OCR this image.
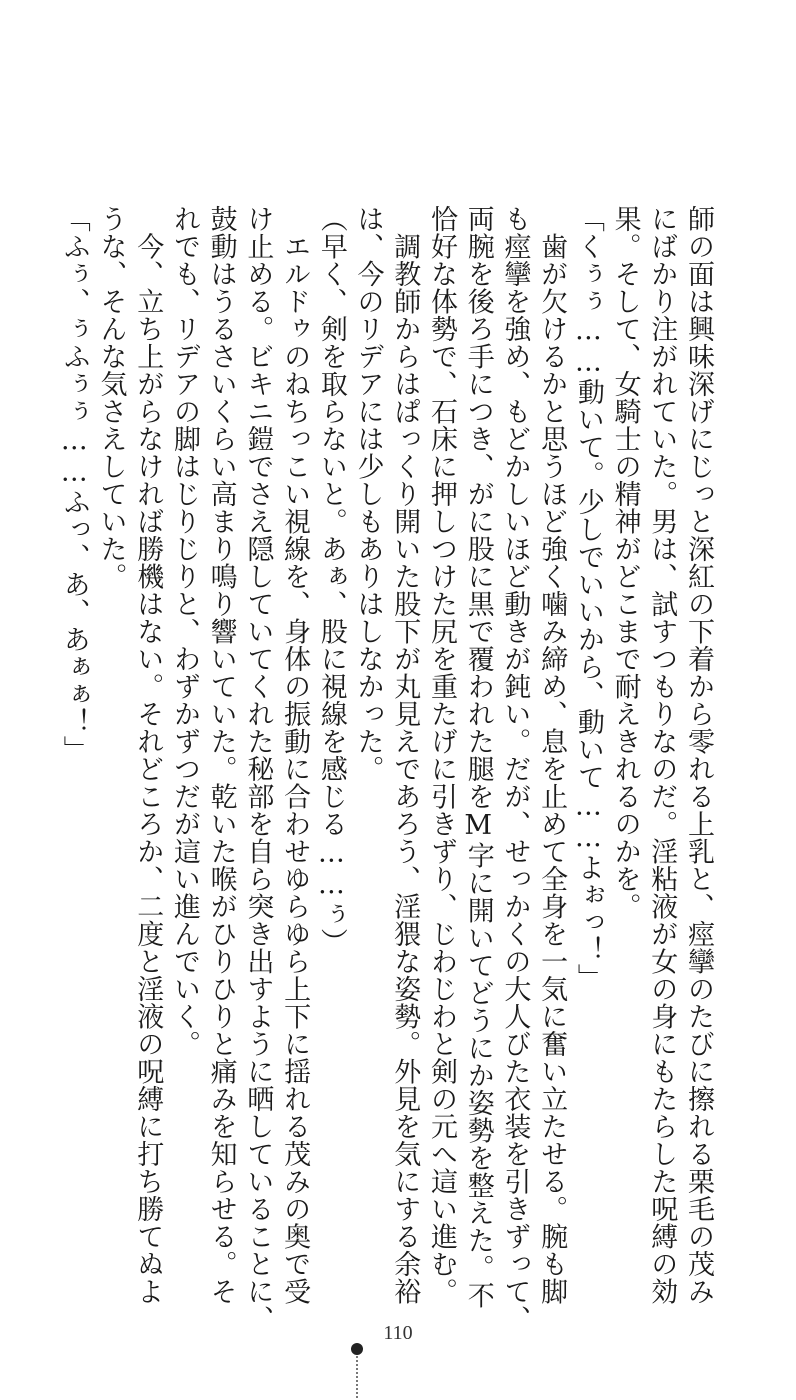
師の面は興味深げにじっと深紅の下着から零れる上乳と、痙攣のたびに擦れる栗毛の茂み
にばかり注がれていた。男は、試すつもりなのだ。淫粘液が女の身にもたらした呪縛の効
果。そして、女騎士の精神がどこまで耐えきれるのかを。
「くぅぅ……動いて。少しでいいから、動いて……よぉっ！」
　歯が欠けるかと思うほど強く噛み締め、息を止めて全身を一気に奮い立たせる。腕も脚
も痙攣を強め、もどかしいほど動きが鈍い。だが、せっかくの大人びた衣装を引きずって、
両腕を後ろ手につき、がに股に黒で覆われた腿をM字に開いてどうにか姿勢を整えた。不
恰好な体勢で、石床に押しつけた尻を重たげに引きずり、じわじわと剣の元へ這い進む。
　調教師からはぱっくり開いた股下が丸見えであろう、淫猥な姿勢。外見を気にする余裕
は、今のリデアには少しもありはしなかった。
（早く、剣を取らないと。あぁ、股に視線を感じる……ぅ）
　エルドゥのねちっこい視線を、身体の振動に合わせゆらゆら上下に揺れる茂みの奥で受
け止める。ビキニ鎧でさえ隠していてくれた秘部を自ら突き出すように晒していることに、
鼓動はうるさいくらい高まり鳴り響いていた。乾いた喉がひりひりと痛みを知らせる。そ
れでも、リデアの脚はじりじりと、わずかずつだが這い進んでいく。
　今、立ち上がらなければ勝機はない。それどころか、二度と淫液の呪縛に打ち勝てぬよ
うな、そんな気さえしていた。
「ふぅ、ぅふぅぅ……ふっ、あ、あぁぁ！」
110
